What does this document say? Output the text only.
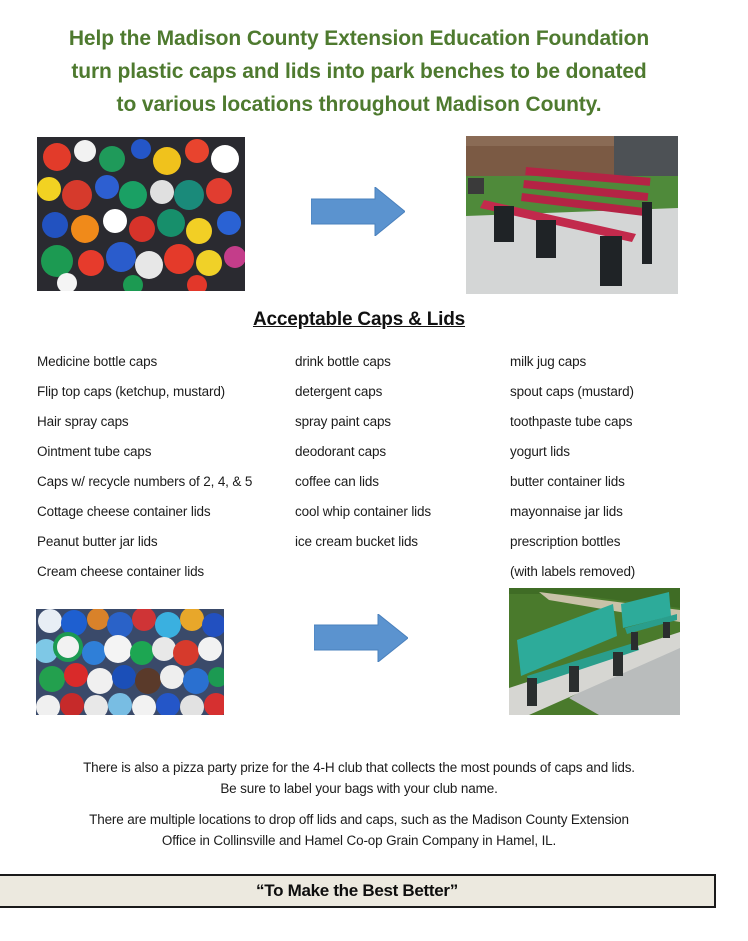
Help the Madison County Extension Education Foundation
turn plastic caps and lids into park benches to be donated
to various locations throughout Madison County.
Acceptable Caps & Lids
Medicine bottle caps
Flip top caps (ketchup, mustard)
Hair spray caps
Ointment tube caps
Caps w/ recycle numbers of 2, 4, & 5
Cottage cheese container lids
Peanut butter jar lids
Cream cheese container lids
drink bottle caps
detergent caps
spray paint caps
deodorant caps
coffee can lids
cool whip container lids
ice cream bucket lids
milk jug caps
spout caps (mustard)
toothpaste tube caps
yogurt lids
butter container lids
mayonnaise jar lids
prescription bottles
(with labels removed)
There is also a pizza party prize for the 4-H club that collects the most pounds of caps and lids.
Be sure to label your bags with your club name.
There are multiple locations to drop off lids and caps, such as the Madison County Extension
Office in Collinsville and Hamel Co-op Grain Company in Hamel, IL.
“To Make the Best Better”
